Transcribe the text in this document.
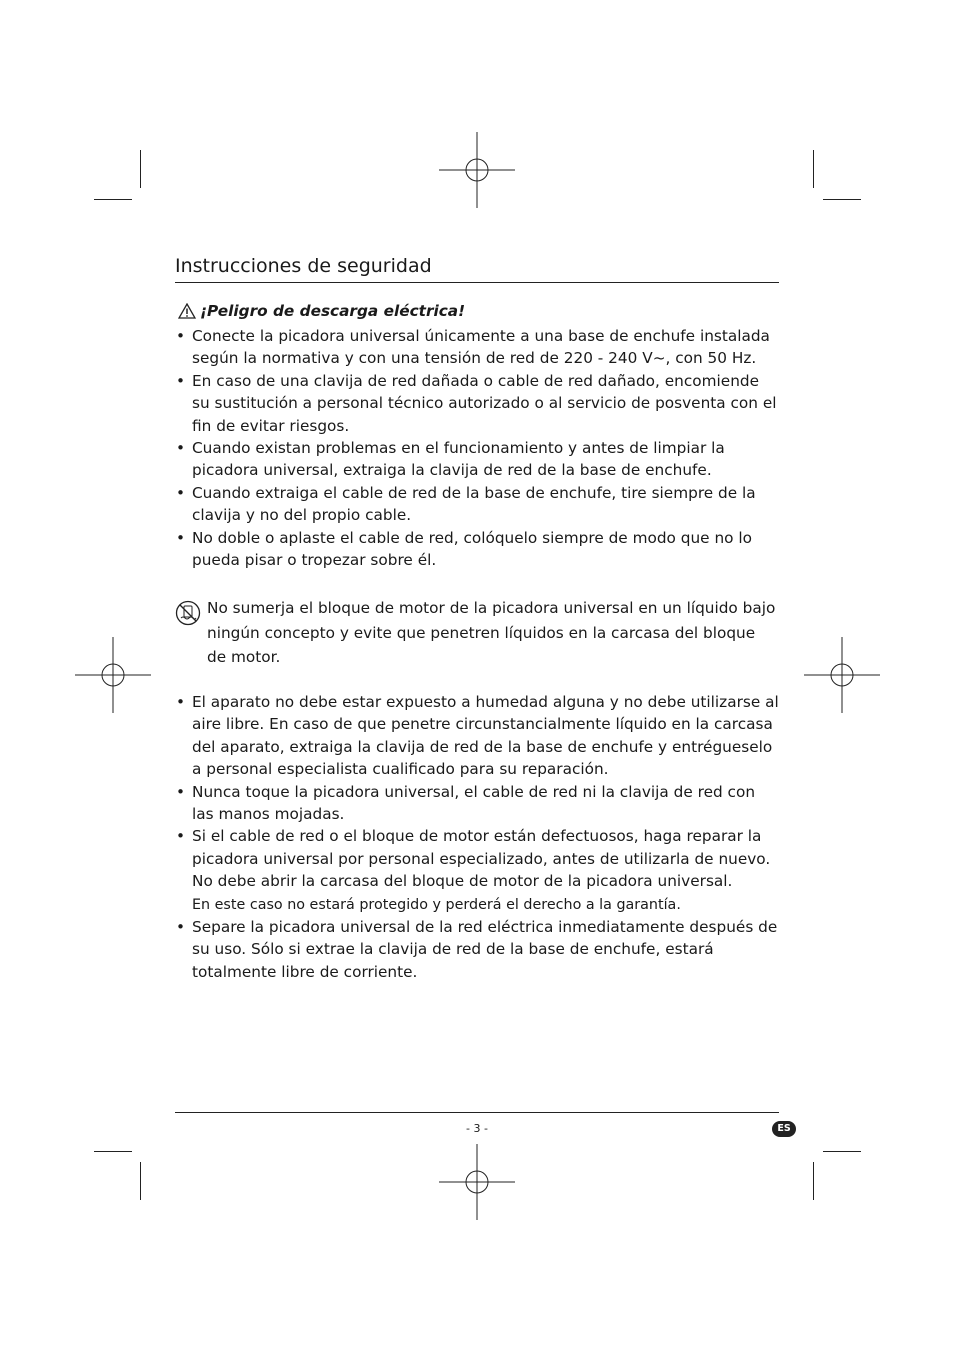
Instrucciones de seguridad
¡Peligro de descarga eléctrica!
• Conecte la picadora universal únicamente a una base de enchufe instalada según la normativa y con una tensión de red de 220 - 240 V~, con 50 Hz.
• En caso de una clavija de red dañada o cable de red dañado, encomiende su sustitución a personal técnico autorizado o al servicio de posventa con el fin de evitar riesgos.
• Cuando existan problemas en el funcionamiento y antes de limpiar la picadora universal, extraiga la clavija de red de la base de enchufe.
• Cuando extraiga el cable de red de la base de enchufe, tire siempre de la clavija y no del propio cable.
• No doble o aplaste el cable de red, colóquelo siempre de modo que no lo pueda pisar o tropezar sobre él.
No sumerja el bloque de motor de la picadora universal en un líquido bajo ningún concepto y evite que penetren líquidos en la carcasa del bloque de motor.
• El aparato no debe estar expuesto a humedad alguna y no debe utilizarse al aire libre. En caso de que penetre circunstancialmente líquido en la carcasa del aparato, extraiga la clavija de red de la base de enchufe y entrégueselo a personal especialista cualificado para su reparación.
• Nunca toque la picadora universal, el cable de red ni la clavija de red con las manos mojadas.
• Si el cable de red o el bloque de motor están defectuosos, haga reparar la picadora universal por personal especializado, antes de utilizarla de nuevo. No debe abrir la carcasa del bloque de motor de la picadora universal.
En este caso no estará protegido y perderá el derecho a la garantía.
• Separe la picadora universal de la red eléctrica inmediatamente después de su uso. Sólo si extrae la clavija de red de la base de enchufe, estará totalmente libre de corriente.
- 3 -	ES
